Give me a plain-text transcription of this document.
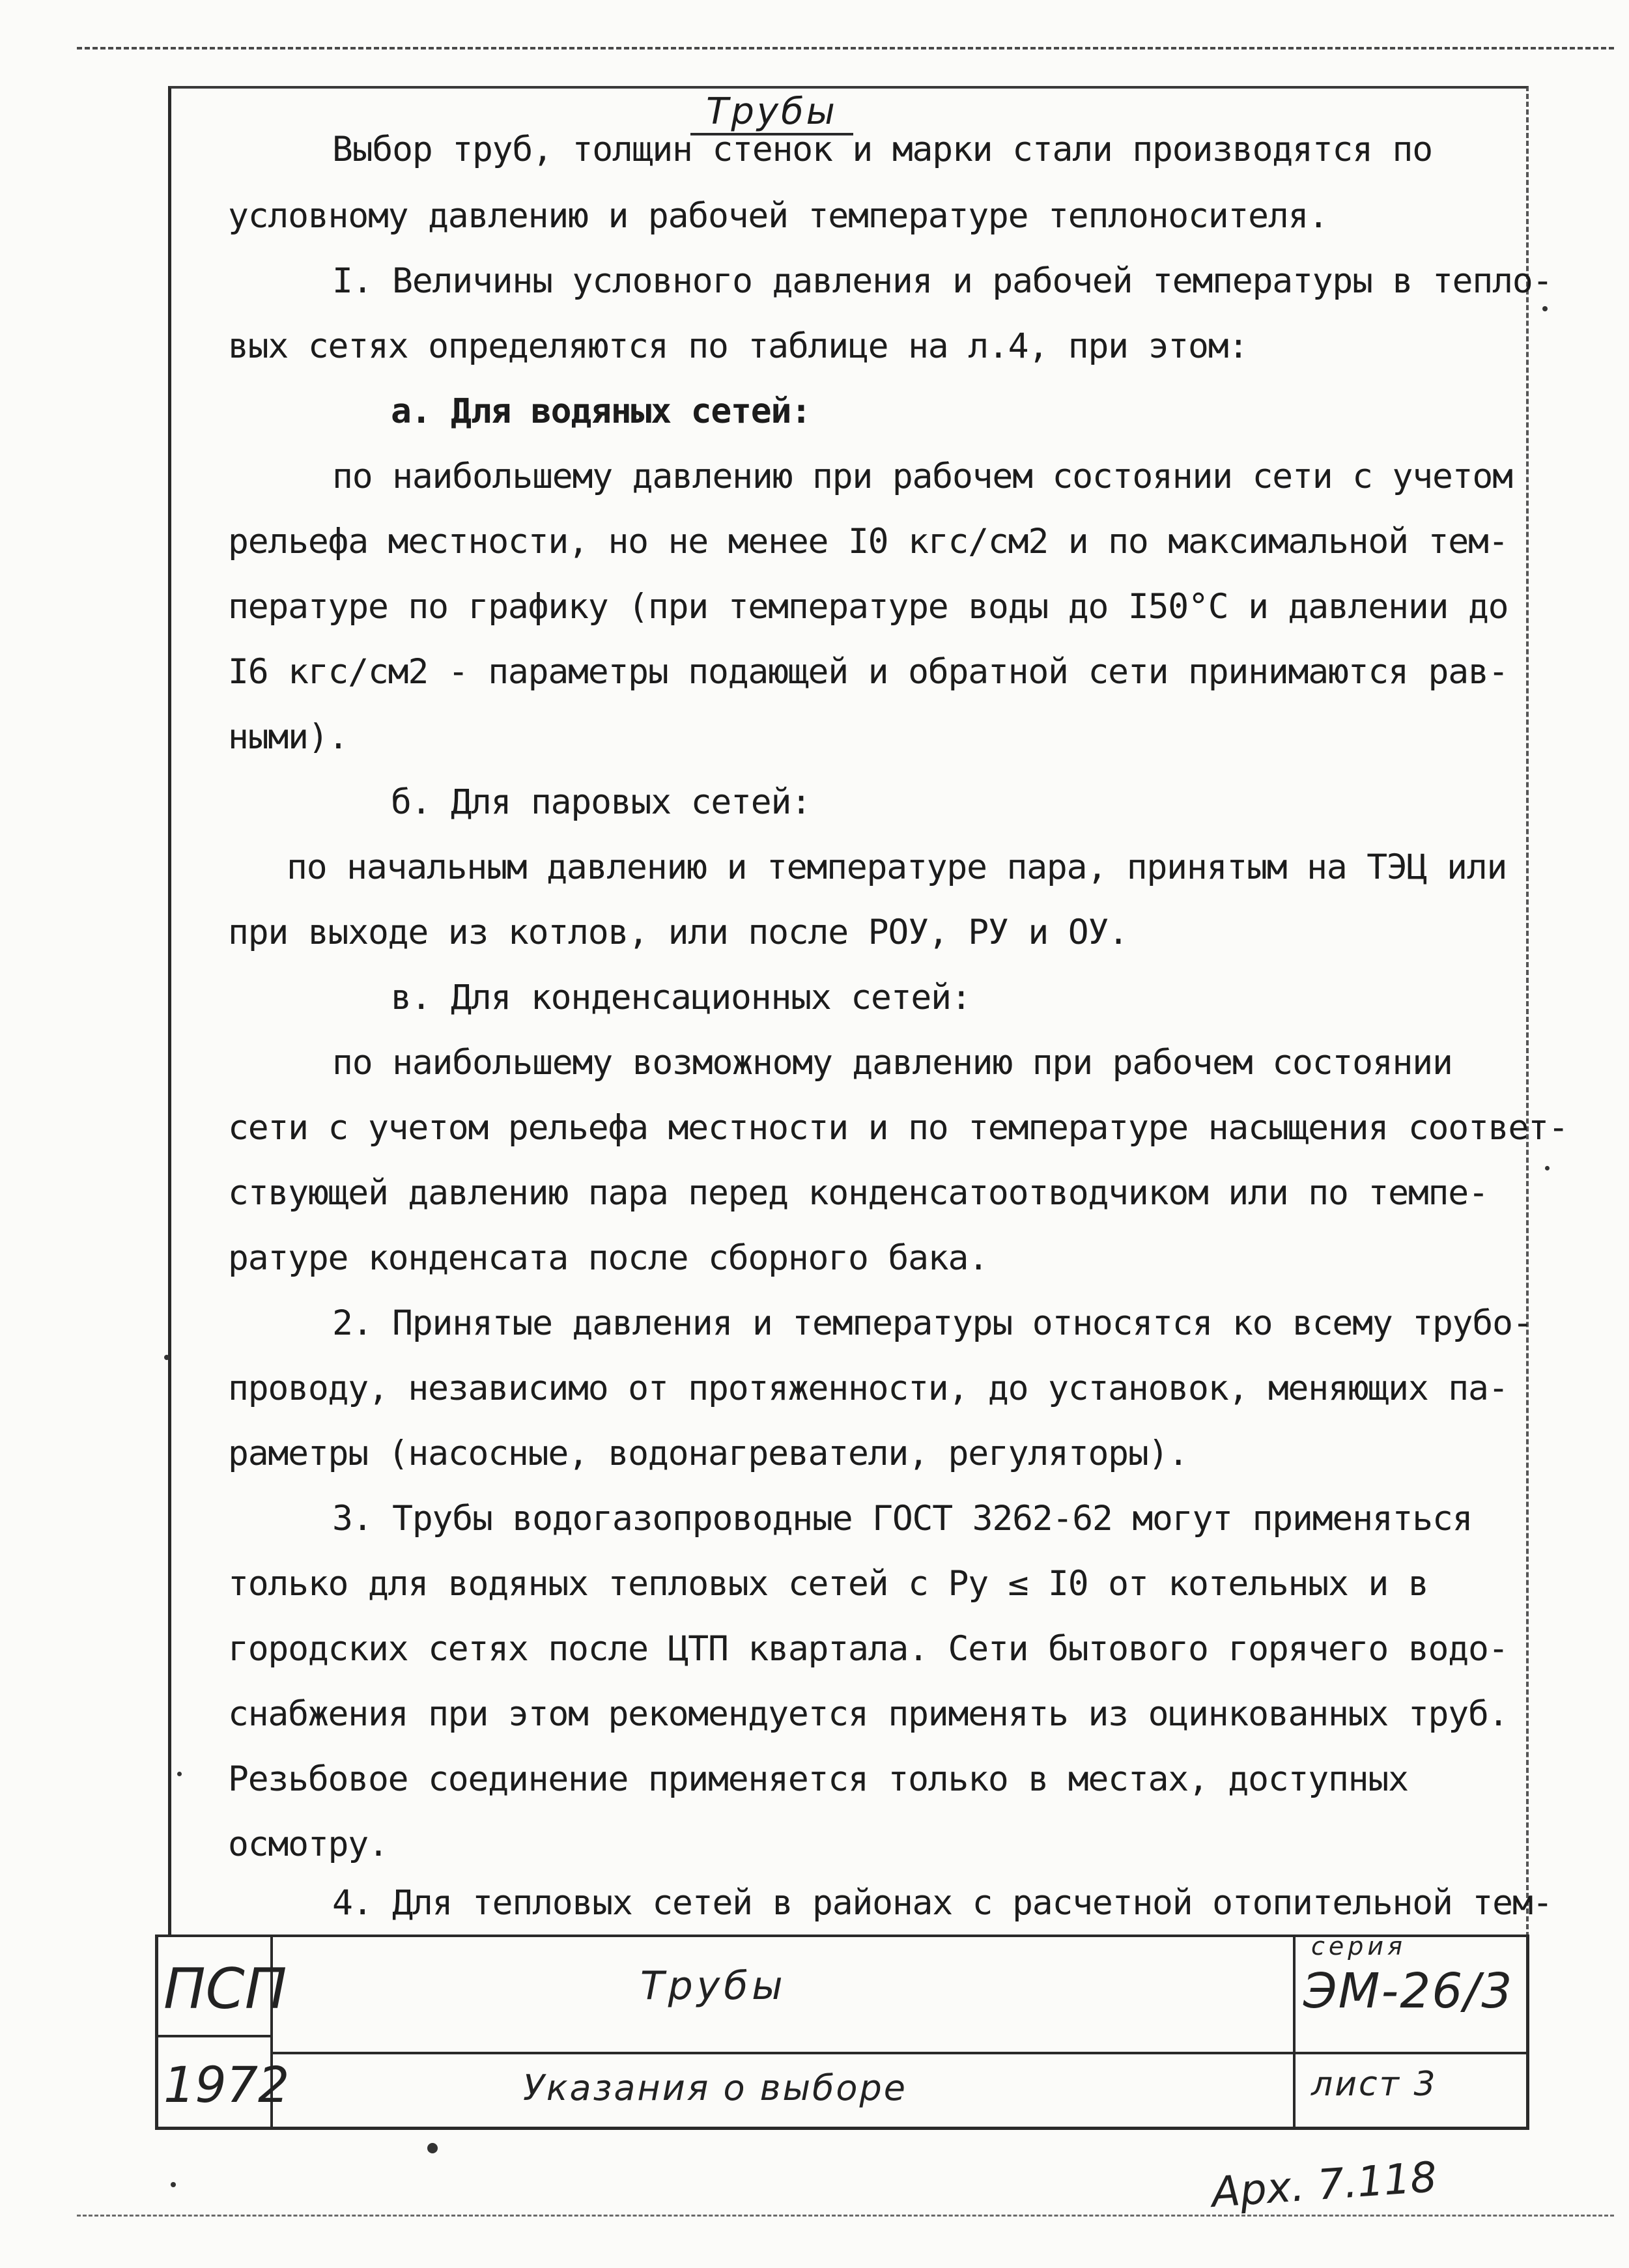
Трубы
Выбор труб, толщин стенок и марки стали производятся по
условному давлению и рабочей температуре теплоносителя.
I. Величины условного давления и рабочей температуры в тепло-
вых сетях определяются по таблице на л.4, при этом:
а. Для водяных сетей:
по наибольшему давлению при рабочем состоянии сети с учетом
рельефа местности, но не менее I0 кгс/см2 и по максимальной тем-
пературе по графику (при температуре воды до I50°С и давлении до
I6 кгс/см2 - параметры подающей и обратной сети принимаются рав-
ными).
б. Для паровых сетей:
по начальным давлению и температуре пара, принятым на ТЭЦ или
при выходе из котлов, или после РОУ, РУ и ОУ.
в. Для конденсационных сетей:
по наибольшему возможному давлению при рабочем состоянии
сети с учетом рельефа местности и по температуре насыщения соответ-
ствующей давлению пара перед конденсатоотводчиком или по темпе-
ратуре конденсата после сборного бака.
2. Принятые давления и температуры относятся ко всему трубо-
проводу, независимо от протяженности, до установок, меняющих па-
раметры (насосные, водонагреватели, регуляторы).
3. Трубы водогазопроводные ГОСТ 3262-62 могут применяться
только для водяных тепловых сетей с Ру ≤ I0 от котельных и в
городских сетях после ЦТП квартала. Сети бытового горячего водо-
снабжения при этом рекомендуется применять из оцинкованных труб.
Резьбовое соединение применяется только в местах, доступных
осмотру.
4. Для тепловых сетей в районах с расчетной отопительной тем-
ПСП
1972
Трубы
Указания о выборе
серия
ЭМ-26/3
лист 3
Арх. 7.118
